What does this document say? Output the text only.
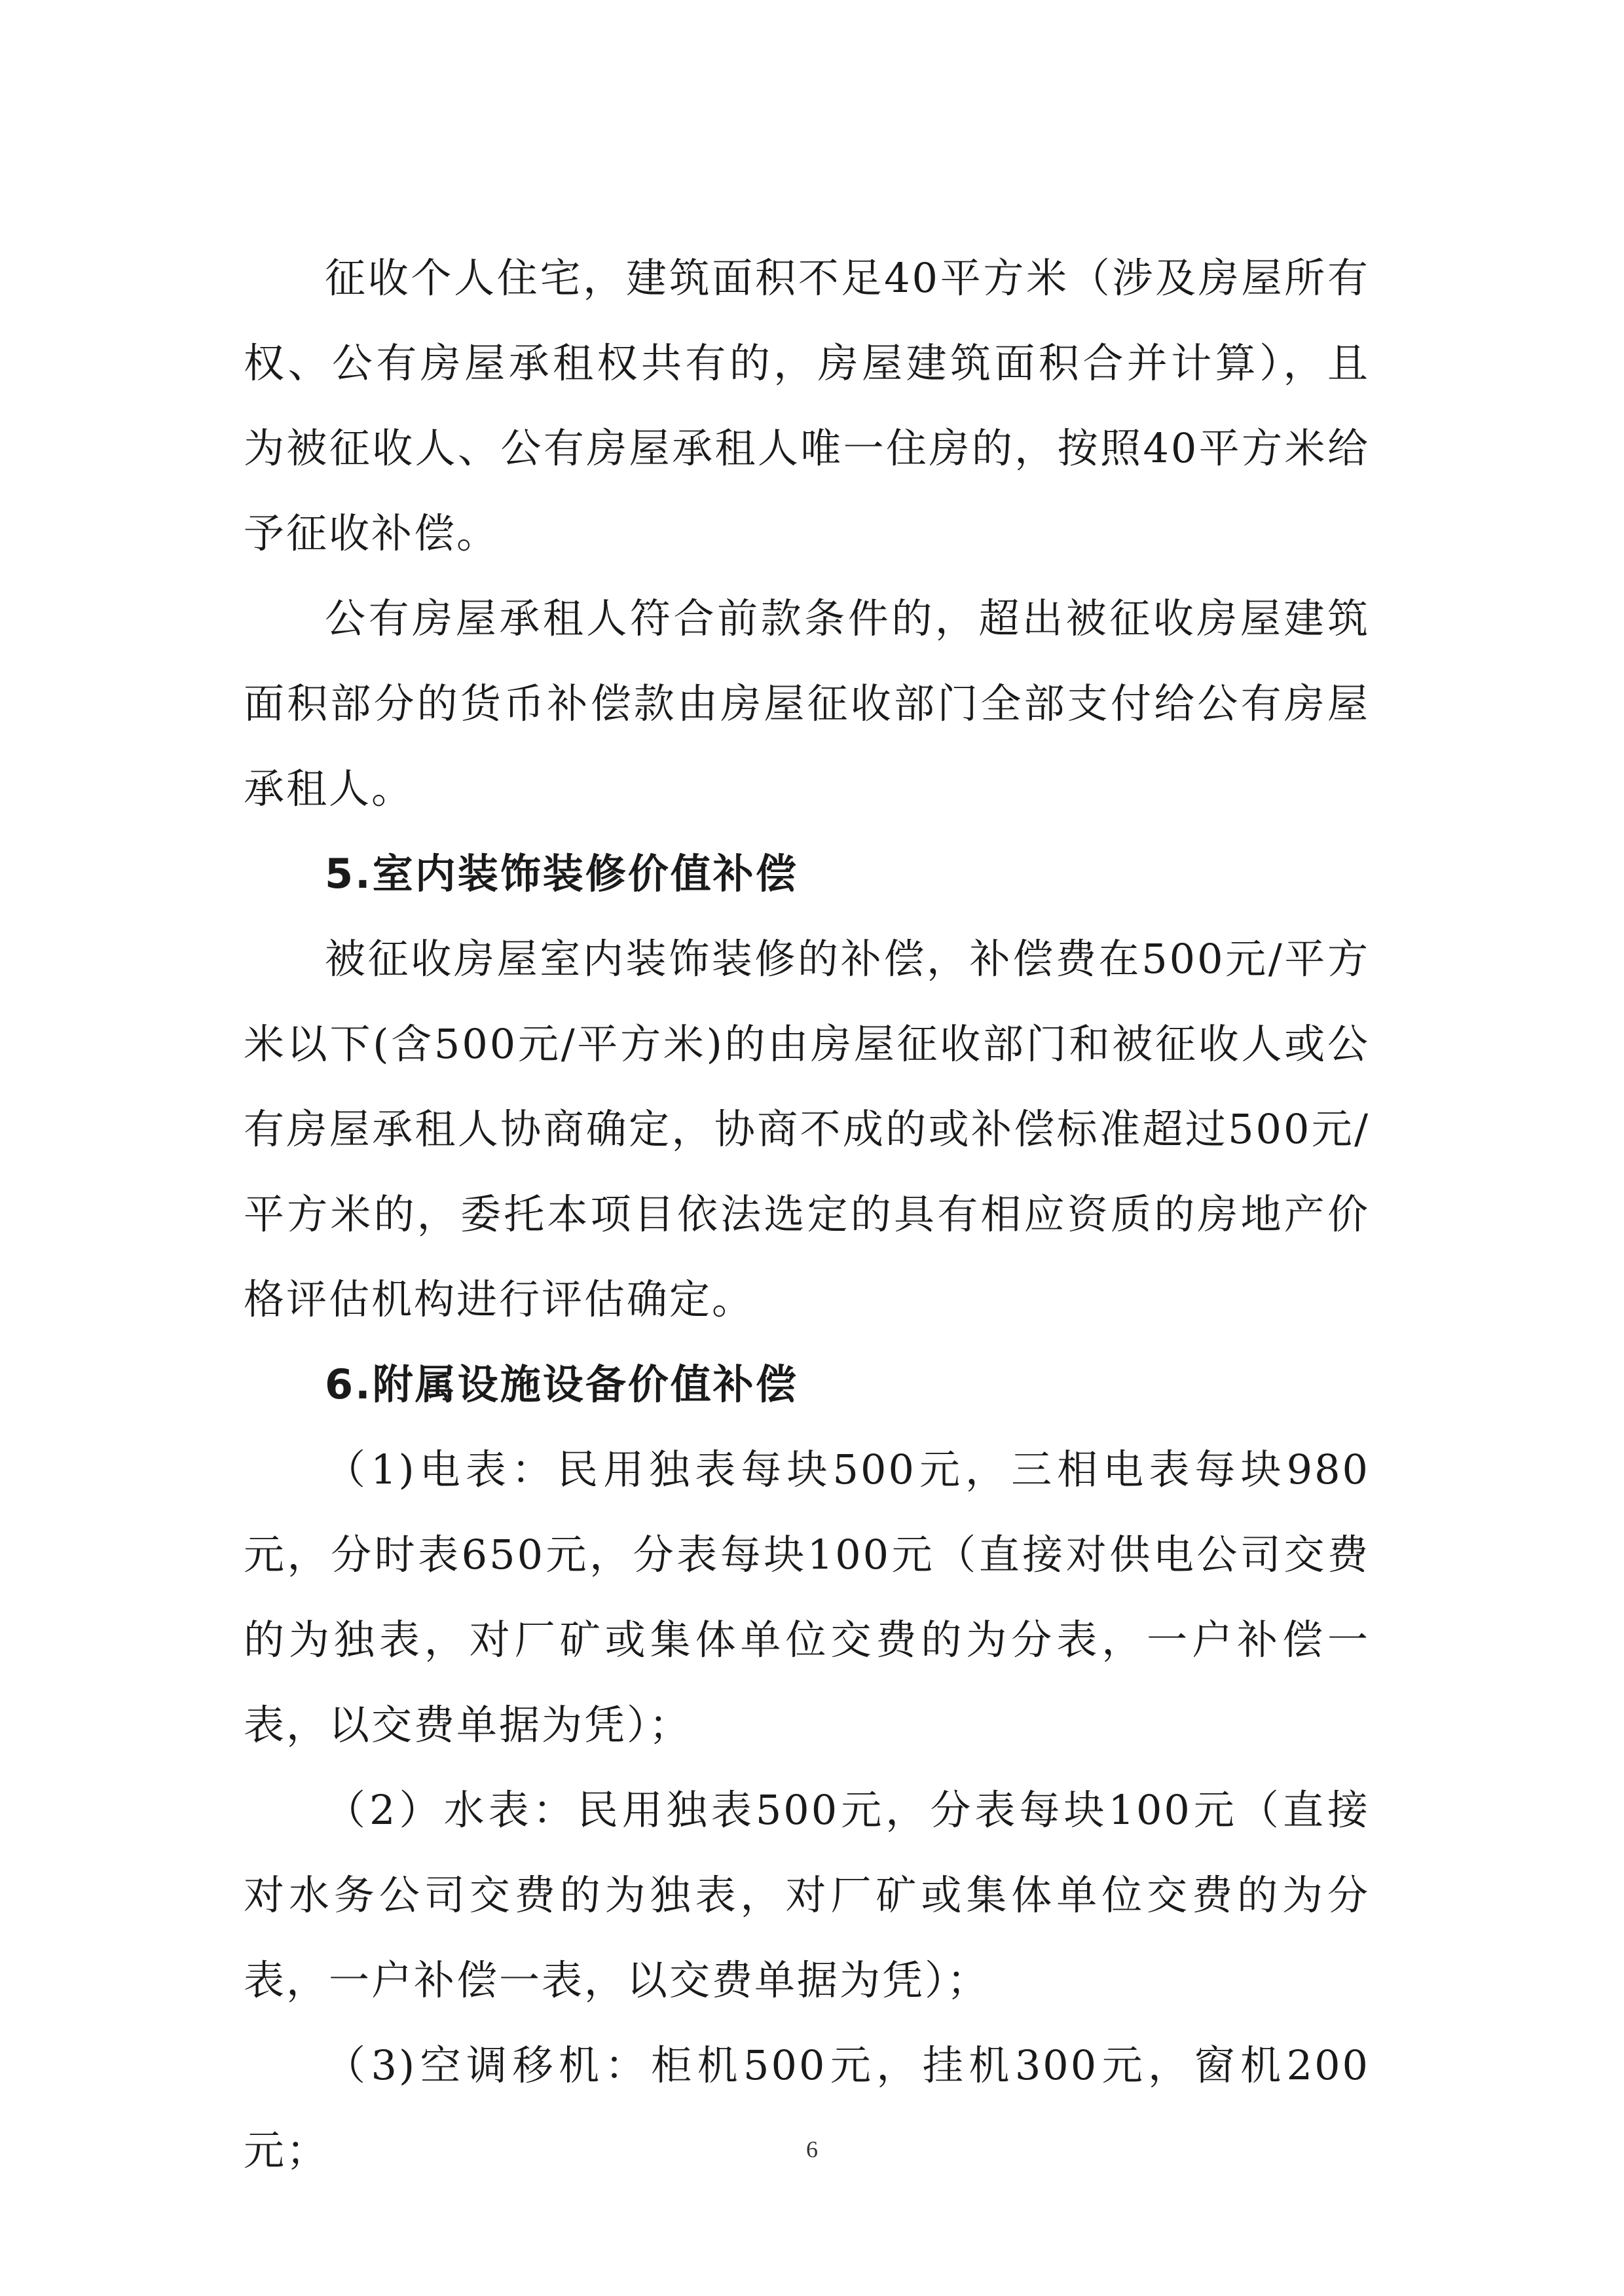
征收个人住宅，建筑面积不足40平方米（涉及房屋所有权、公有房屋承租权共有的，房屋建筑面积合并计算），且为被征收人、公有房屋承租人唯一住房的，按照40平方米给予征收补偿。

公有房屋承租人符合前款条件的，超出被征收房屋建筑面积部分的货币补偿款由房屋征收部门全部支付给公有房屋承租人。

5.室内装饰装修价值补偿

被征收房屋室内装饰装修的补偿，补偿费在500元/平方米以下(含500元/平方米)的由房屋征收部门和被征收人或公有房屋承租人协商确定，协商不成的或补偿标准超过500元/平方米的，委托本项目依法选定的具有相应资质的房地产价格评估机构进行评估确定。

6.附属设施设备价值补偿

（1)电表：民用独表每块500元，三相电表每块980元，分时表650元，分表每块100元（直接对供电公司交费的为独表，对厂矿或集体单位交费的为分表，一户补偿一表，以交费单据为凭）；

（2）水表：民用独表500元，分表每块100元（直接对水务公司交费的为独表，对厂矿或集体单位交费的为分表，一户补偿一表，以交费单据为凭）；

（3)空调移机：柜机500元，挂机300元，窗机200元；	6
